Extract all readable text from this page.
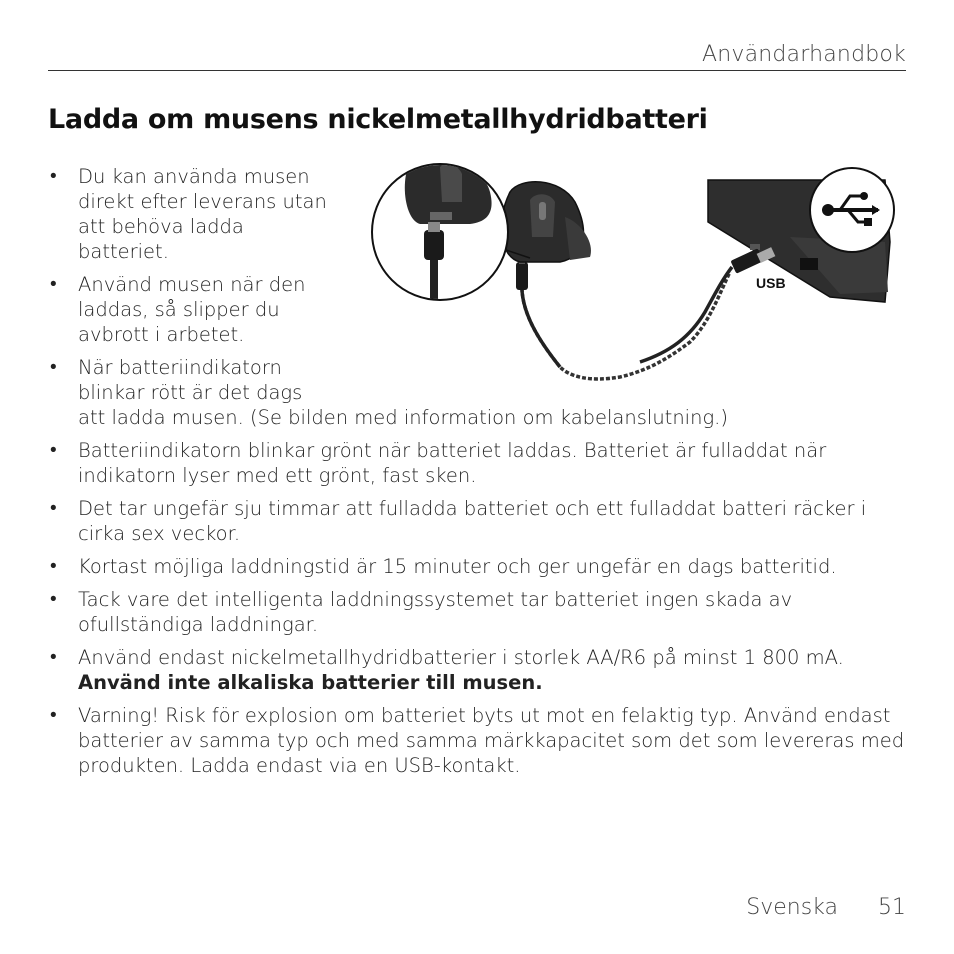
Användarhandbok
Ladda om musens nickelmetallhydridbatteri
USB
• Du kan använda musen direkt efter leverans utan att behöva ladda batteriet.
• Använd musen när den laddas, så slipper du avbrott i arbetet.
• När batteriindikatorn blinkar rött är det dags
att ladda musen. (Se bilden med information om kabelanslutning.)
• Batteriindikatorn blinkar grönt när batteriet laddas. Batteriet är fulladdat när indikatorn lyser med ett grönt, fast sken.
• Det tar ungefär sju timmar att fulladda batteriet och ett fulladdat batteri räcker i cirka sex veckor.
• Kortast möjliga laddningstid är 15 minuter och ger ungefär en dags batteritid.
• Tack vare det intelligenta laddningssystemet tar batteriet ingen skada av ofullständiga laddningar.
• Använd endast nickelmetallhydridbatterier i storlek AA/R6 på minst 1 800 mA.
Använd inte alkaliska batterier till musen.
• Varning! Risk för explosion om batteriet byts ut mot en felaktig typ. Använd endast batterier av samma typ och med samma märkkapacitet som det som levereras med produkten. Ladda endast via en USB-kontakt.
Svenska 51
